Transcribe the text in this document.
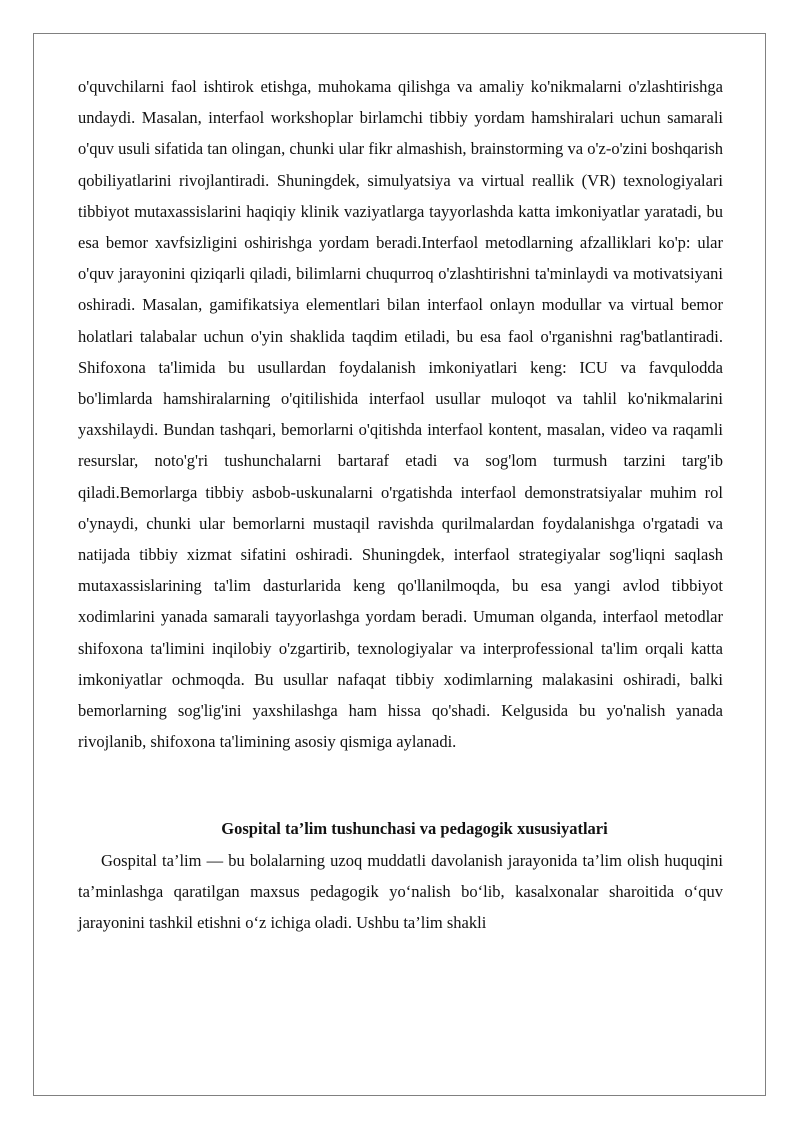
o'quvchilarni faol ishtirok etishga, muhokama qilishga va amaliy ko'nikmalarni o'zlashtirishga undaydi. Masalan, interfaol workshoplar birlamchi tibbiy yordam hamshiralari uchun samarali o'quv usuli sifatida tan olingan, chunki ular fikr almashish, brainstorming va o'z-o'zini boshqarish qobiliyatlarini rivojlantiradi. Shuningdek, simulyatsiya va virtual reallik (VR) texnologiyalari tibbiyot mutaxassislarini haqiqiy klinik vaziyatlarga tayyorlashda katta imkoniyatlar yaratadi, bu esa bemor xavfsizligini oshirishga yordam beradi.Interfaol metodlarning afzalliklari ko'p: ular o'quv jarayonini qiziqarli qiladi, bilimlarni chuqurroq o'zlashtirishni ta'minlaydi va motivatsiyani oshiradi. Masalan, gamifikatsiya elementlari bilan interfaol onlayn modullar va virtual bemor holatlari talabalar uchun o'yin shaklida taqdim etiladi, bu esa faol o'rganishni rag'batlantiradi. Shifoxona ta'limida bu usullardan foydalanish imkoniyatlari keng: ICU va favqulodda bo'limlarda hamshiralarning o'qitilishida interfaol usullar muloqot va tahlil ko'nikmalarini yaxshilaydi. Bundan tashqari, bemorlarni o'qitishda interfaol kontent, masalan, video va raqamli resurslar, noto'g'ri tushunchalarni bartaraf etadi va sog'lom turmush tarzini targ'ib qiladi.Bemorlarga tibbiy asbob-uskunalarni o'rgatishda interfaol demonstratsiyalar muhim rol o'ynaydi, chunki ular bemorlarni mustaqil ravishda qurilmalardan foydalanishga o'rgatadi va natijada tibbiy xizmat sifatini oshiradi. Shuningdek, interfaol strategiyalar sog'liqni saqlash mutaxassislarining ta'lim dasturlarida keng qo'llanilmoqda, bu esa yangi avlod tibbiyot xodimlarini yanada samarali tayyorlashga yordam beradi. Umuman olganda, interfaol metodlar shifoxona ta'limini inqilobiy o'zgartirib, texnologiyalar va interprofessional ta'lim orqali katta imkoniyatlar ochmoqda. Bu usullar nafaqat tibbiy xodimlarning malakasini oshiradi, balki bemorlarning sog'lig'ini yaxshilashga ham hissa qo'shadi. Kelgusida bu yo'nalish yanada rivojlanib, shifoxona ta'limining asosiy qismiga aylanadi.

Gospital ta’lim tushunchasi va pedagogik xususiyatlari

Gospital ta’lim — bu bolalarning uzoq muddatli davolanish jarayonida ta’lim olish huquqini ta’minlashga qaratilgan maxsus pedagogik yo‘nalish bo‘lib, kasalxonalar sharoitida o‘quv jarayonini tashkil etishni o‘z ichiga oladi. Ushbu ta’lim shakli
